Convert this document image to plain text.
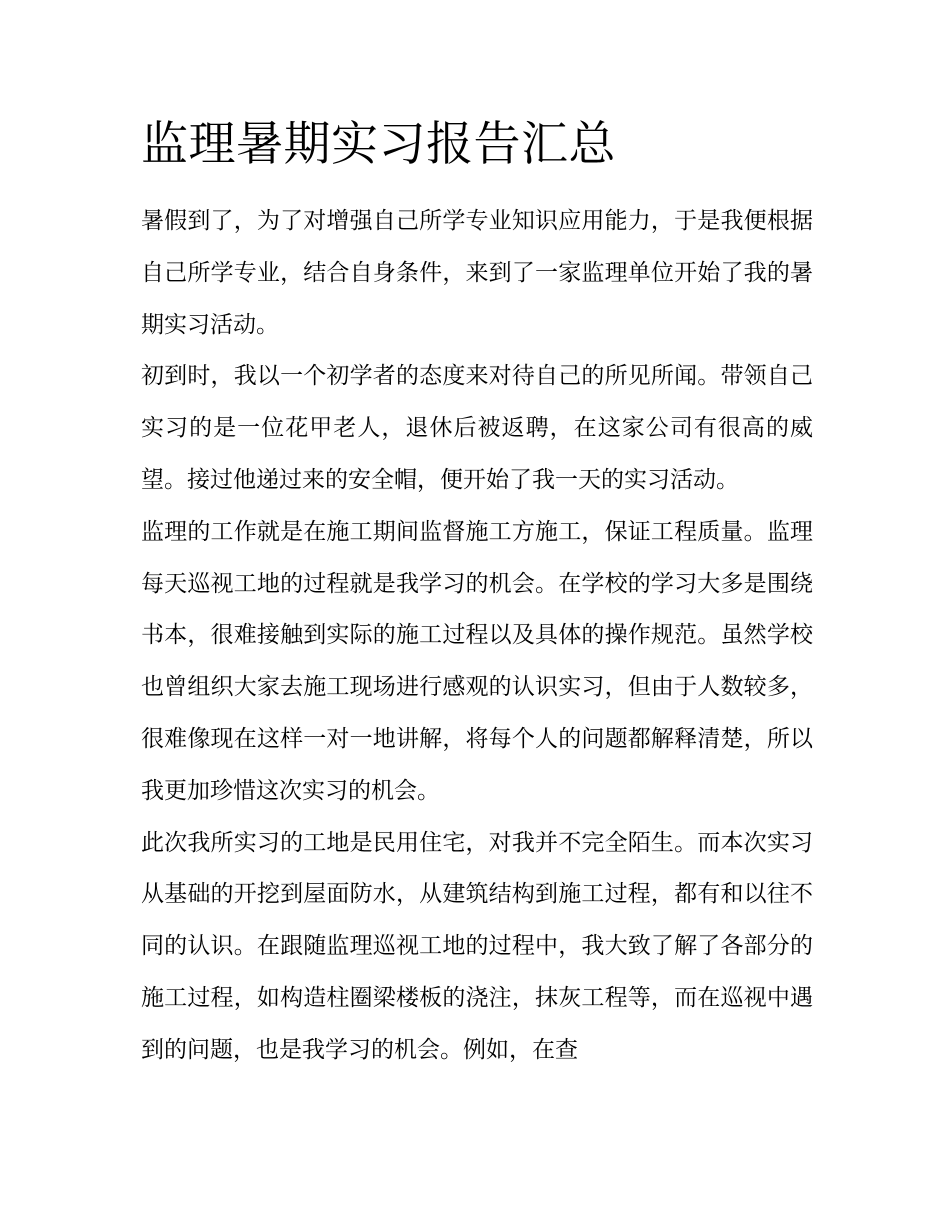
监理暑期实习报告汇总

暑假到了，为了对增强自己所学专业知识应用能力，于是我便根据自己所学专业，结合自身条件，来到了一家监理单位开始了我的暑期实习活动。

初到时，我以一个初学者的态度来对待自己的所见所闻。带领自己实习的是一位花甲老人，退休后被返聘，在这家公司有很高的威望。接过他递过来的安全帽，便开始了我一天的实习活动。

监理的工作就是在施工期间监督施工方施工，保证工程质量。监理每天巡视工地的过程就是我学习的机会。在学校的学习大多是围绕书本，很难接触到实际的施工过程以及具体的操作规范。虽然学校也曾组织大家去施工现场进行感观的认识实习，但由于人数较多，很难像现在这样一对一地讲解，将每个人的问题都解释清楚，所以我更加珍惜这次实习的机会。

此次我所实习的工地是民用住宅，对我并不完全陌生。而本次实习从基础的开挖到屋面防水，从建筑结构到施工过程，都有和以往不同的认识。在跟随监理巡视工地的过程中，我大致了解了各部分的施工过程，如构造柱圈梁楼板的浇注，抹灰工程等，而在巡视中遇到的问题，也是我学习的机会。例如，在查
